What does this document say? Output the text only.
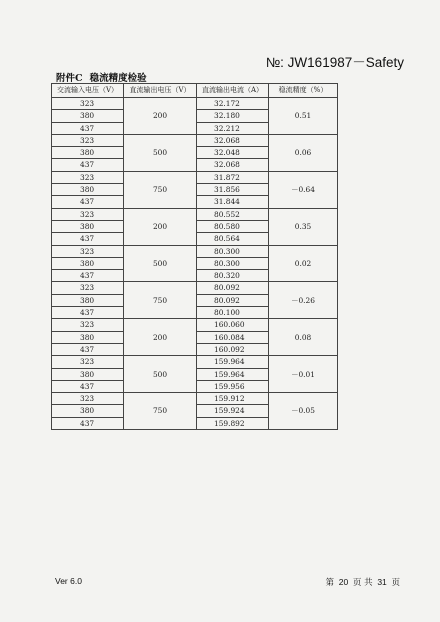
№: JW161987－Safety
附件C 稳流精度检验
交流输入电压（V）	直流输出电压（V）	直流输出电流（A）	稳流精度（%）
323	200	32.172	0.51
380		32.180	
437		32.212	
323	500	32.068	0.06
380		32.048	
437		32.068	
323	750	31.872	－0.64
380		31.856	
437		31.844	
323	200	80.552	0.35
380		80.580	
437		80.564	
323	500	80.300	0.02
380		80.300	
437		80.320	
323	750	80.092	－0.26
380		80.092	
437		80.100	
323	200	160.060	0.08
380		160.084	
437		160.092	
323	500	159.964	－0.01
380		159.964	
437		159.956	
323	750	159.912	－0.05
380		159.924	
437		159.892	
Ver 6.0	第 20 页 共 31 页
